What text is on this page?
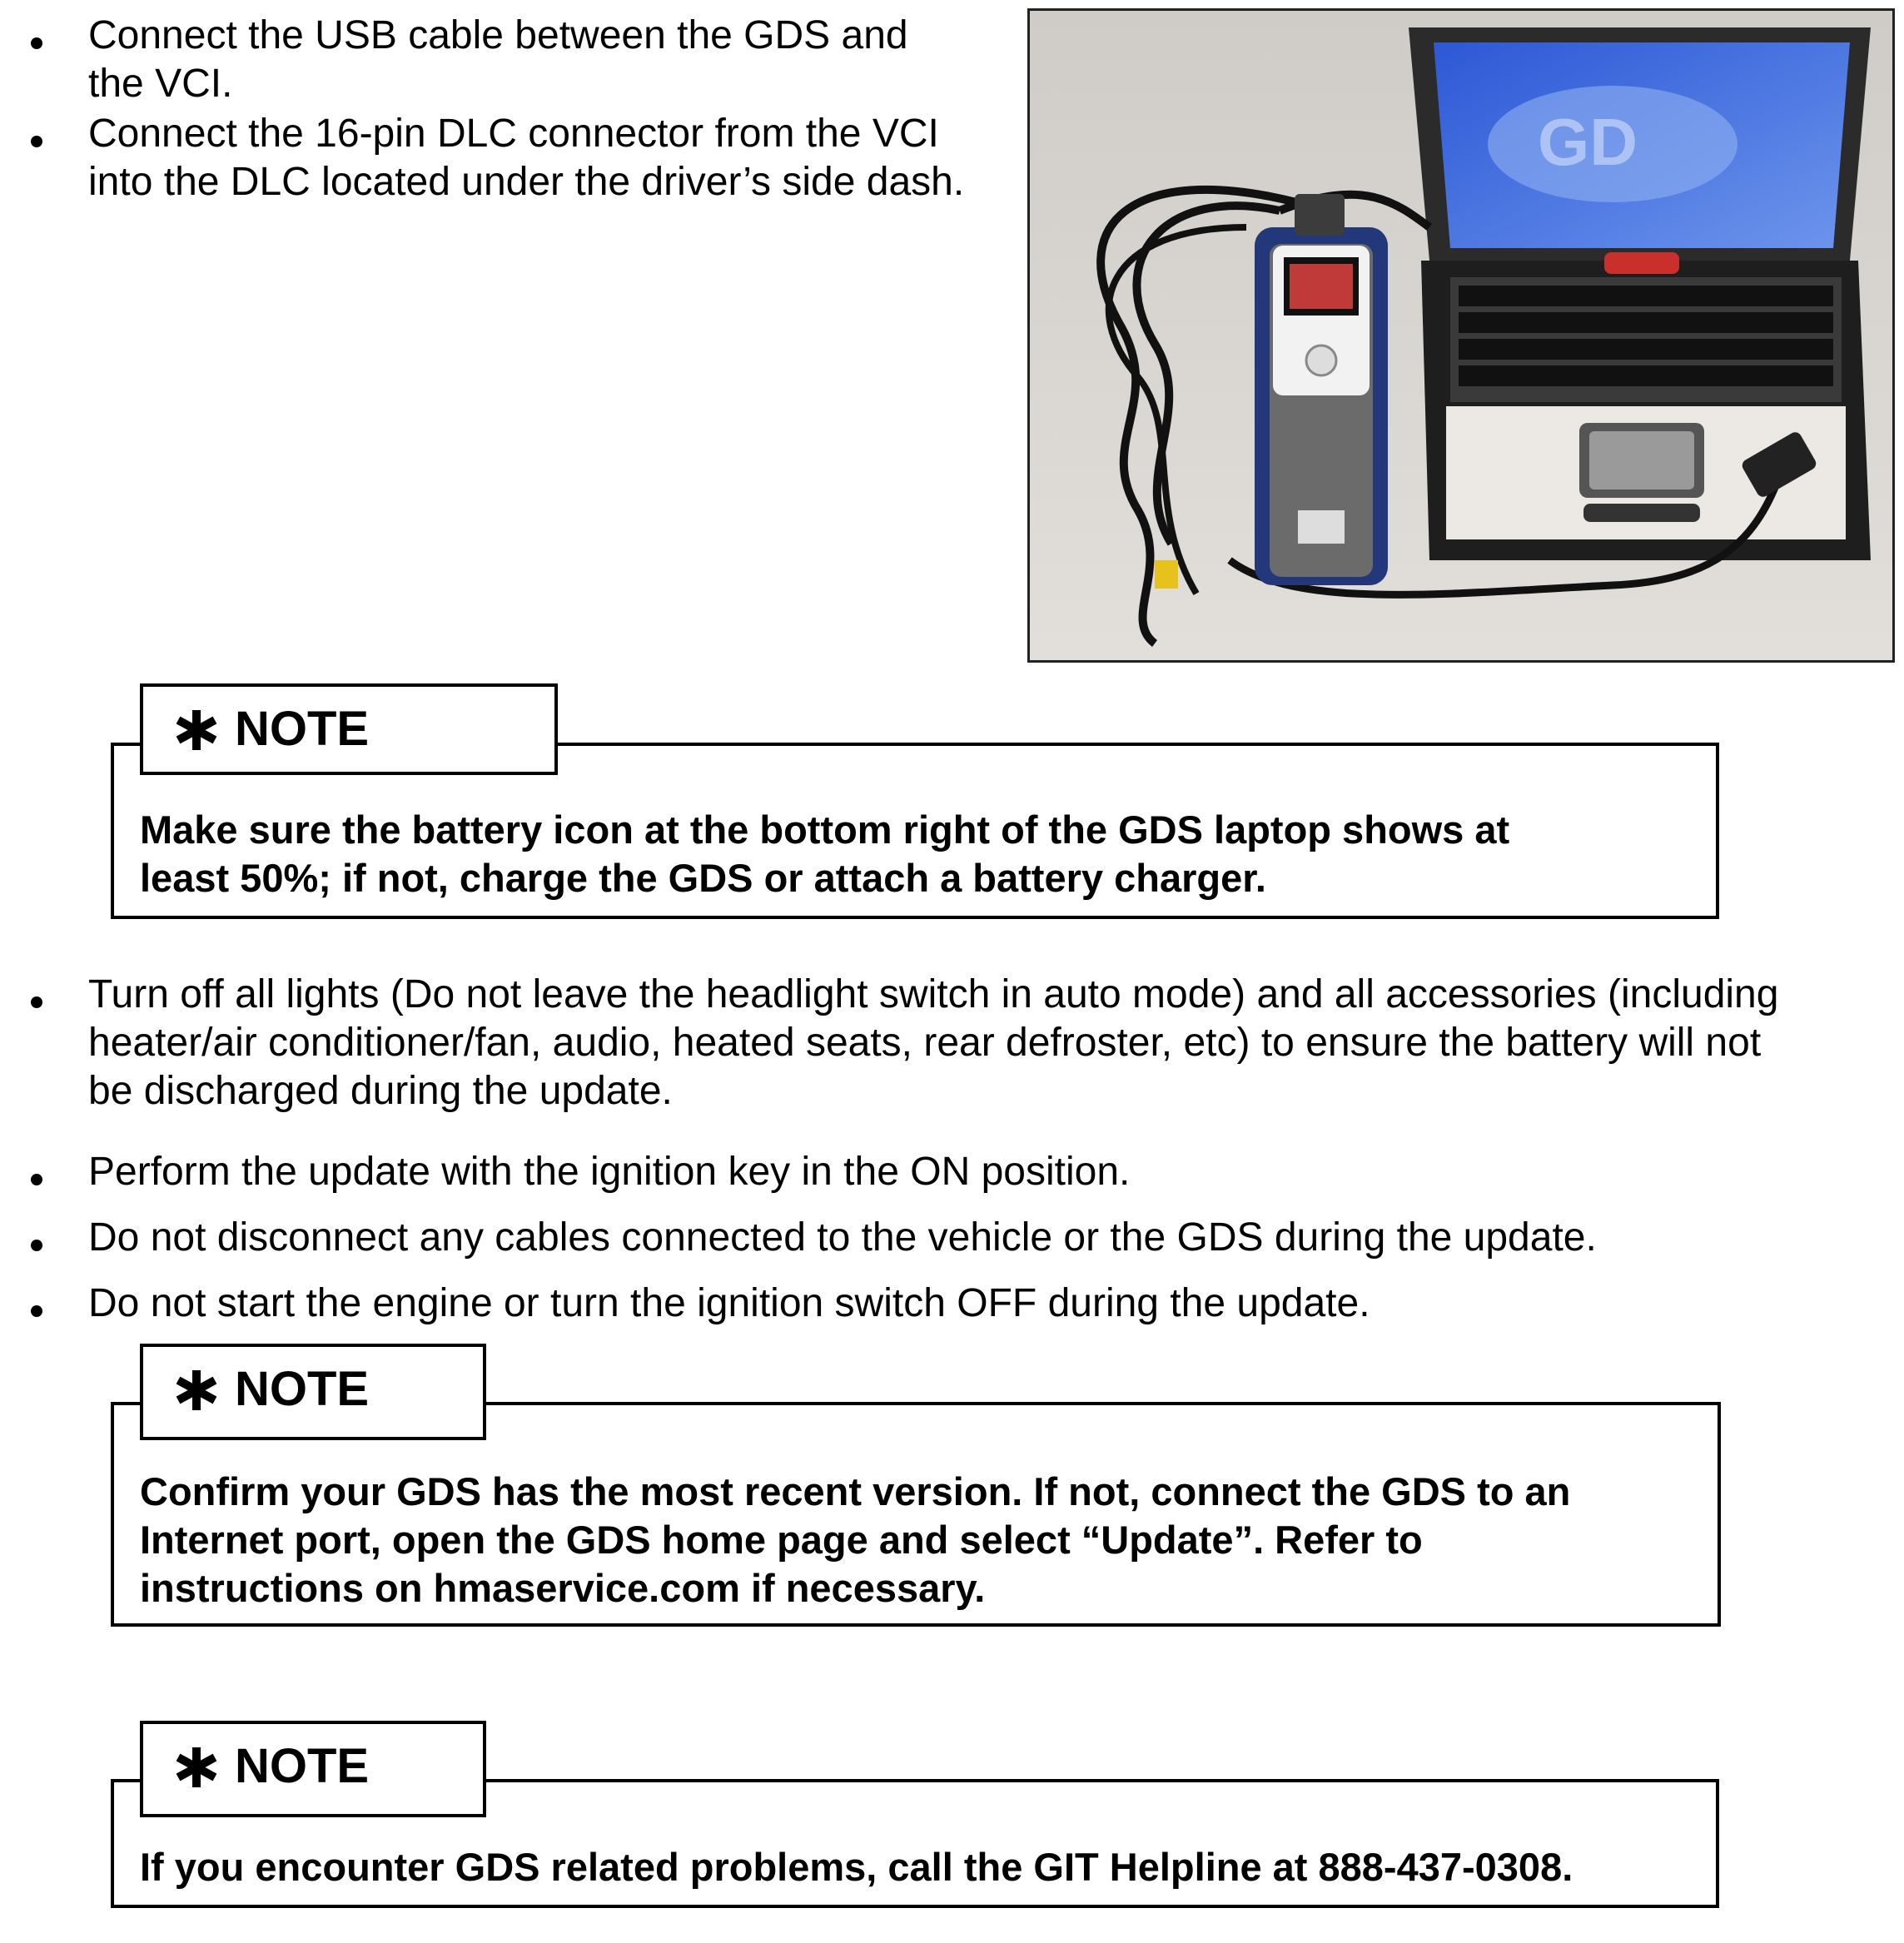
Connect the USB cable between the GDS and
the VCI.
Connect the 16-pin DLC connector from the VCI
into the DLC located under the driver’s side dash.
GD
NOTE
Make sure the battery icon at the bottom right of the GDS laptop shows at
least 50%; if not, charge the GDS or attach a battery charger.
Turn off all lights (Do not leave the headlight switch in auto mode) and all accessories (including
heater/air conditioner/fan, audio, heated seats, rear defroster, etc) to ensure the battery will not
be discharged during the update.
Perform the update with the ignition key in the ON position.
Do not disconnect any cables connected to the vehicle or the GDS during the update.
Do not start the engine or turn the ignition switch OFF during the update.
NOTE
Confirm your GDS has the most recent version. If not, connect the GDS to an
Internet port, open the GDS home page and select “Update”. Refer to
instructions on hmaservice.com if necessary.
NOTE
If you encounter GDS related problems, call the GIT Helpline at 888-437-0308.
